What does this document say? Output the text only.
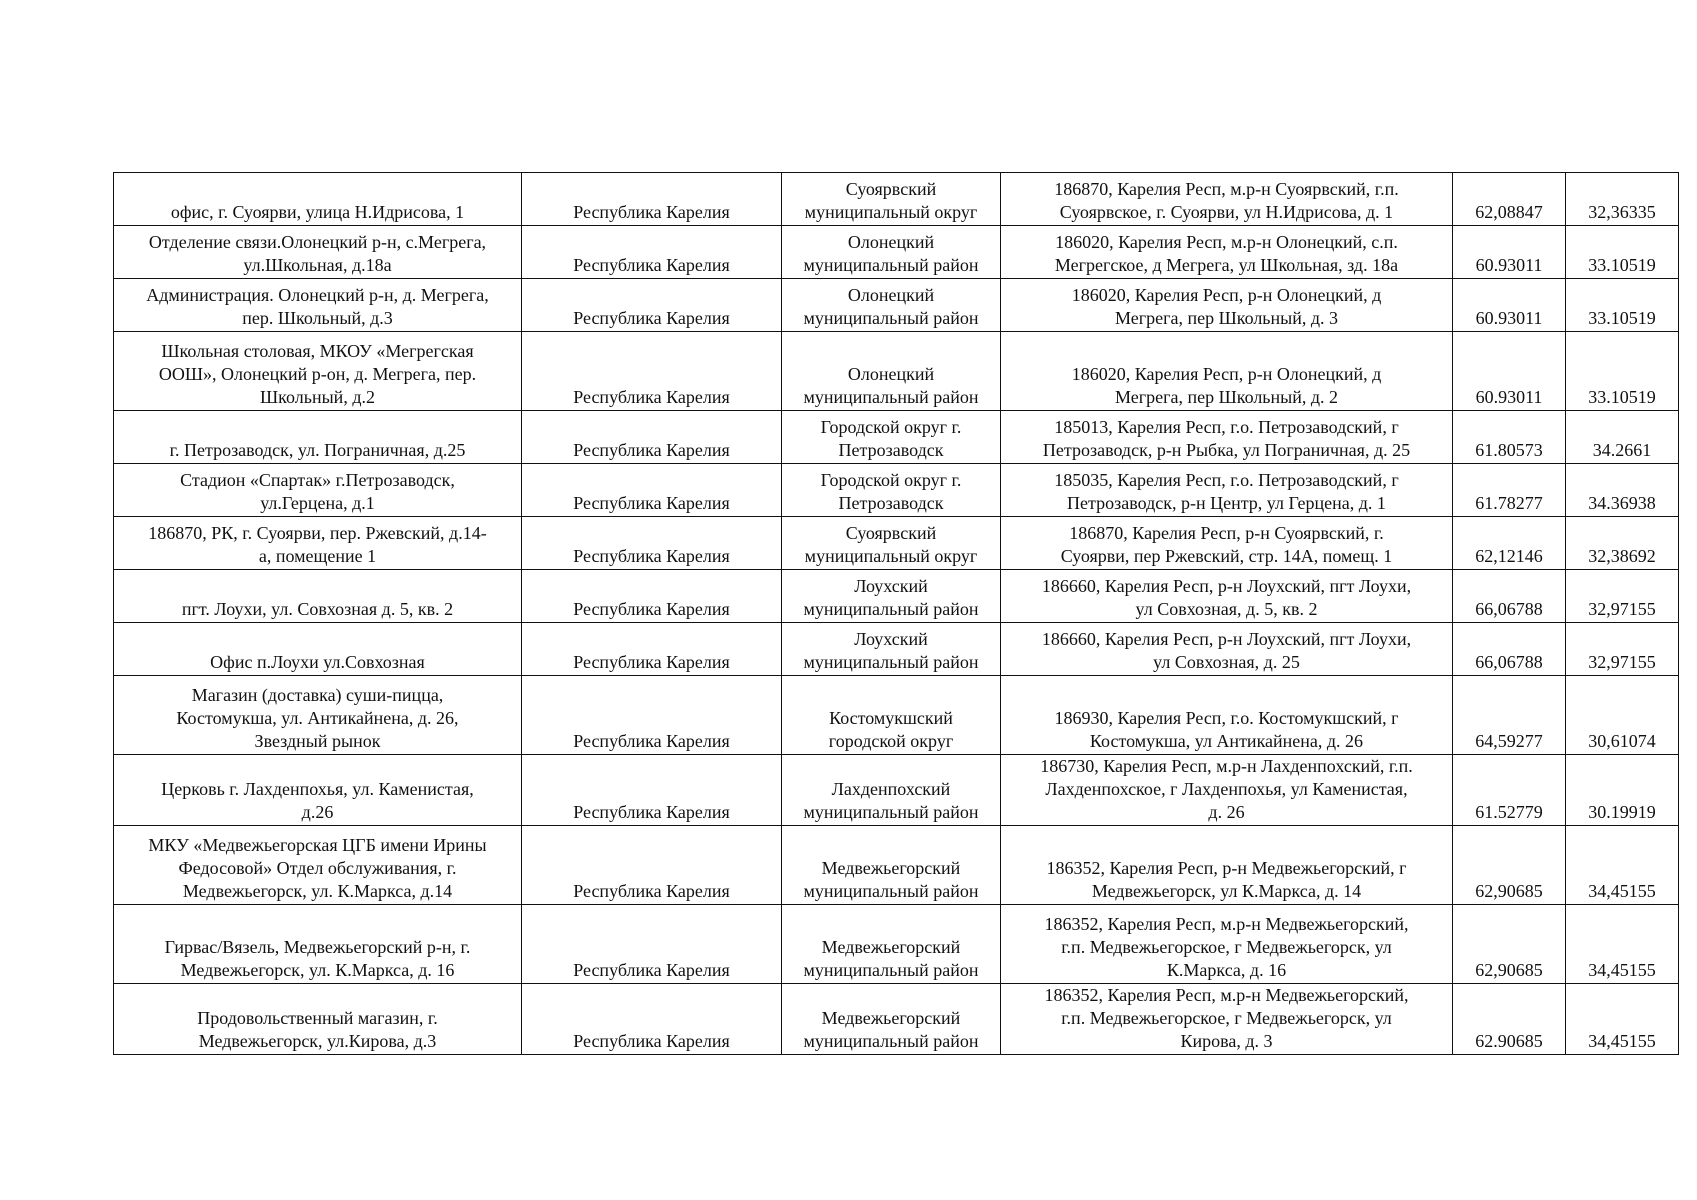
офис, г. Суоярви, улица Н.Идрисова, 1	Республика Карелия	Суоярвский
муниципальный округ	186870, Карелия Респ, м.р-н Суоярвский, г.п.
Суоярвское, г. Суоярви, ул Н.Идрисова, д. 1	62,08847	32,36335

Отделение связи.Олонецкий р-н, с.Мегрега,
ул.Школьная, д.18а	Республика Карелия	Олонецкий
муниципальный район	186020, Карелия Респ, м.р-н Олонецкий, с.п.
Мегрегское, д Мегрега, ул Школьная, зд. 18а	60.93011	33.10519

Администрация. Олонецкий р-н, д. Мегрега,
пер. Школьный, д.3	Республика Карелия	Олонецкий
муниципальный район	186020, Карелия Респ, р-н Олонецкий, д
Мегрега, пер Школьный, д. 3	60.93011	33.10519

Школьная столовая, МКОУ «Мегрегская
ООШ», Олонецкий р-он, д. Мегрега, пер.
Школьный, д.2	Республика Карелия	Олонецкий
муниципальный район	186020, Карелия Респ, р-н Олонецкий, д
Мегрега, пер Школьный, д. 2	60.93011	33.10519

г. Петрозаводск, ул. Пограничная, д.25	Республика Карелия	Городской округ г.
Петрозаводск	185013, Карелия Респ, г.о. Петрозаводский, г
Петрозаводск, р-н Рыбка, ул Пограничная, д. 25	61.80573	34.2661

Стадион «Спартак» г.Петрозаводск,
ул.Герцена, д.1	Республика Карелия	Городской округ г.
Петрозаводск	185035, Карелия Респ, г.о. Петрозаводский, г
Петрозаводск, р-н Центр, ул Герцена, д. 1	61.78277	34.36938

186870, РК, г. Суоярви, пер. Ржевский, д.14-
а, помещение 1	Республика Карелия	Суоярвский
муниципальный округ	186870, Карелия Респ, р-н Суоярвский, г.
Суоярви, пер Ржевский, стр. 14А, помещ. 1	62,12146	32,38692

пгт. Лоухи, ул. Совхозная д. 5, кв. 2	Республика Карелия	Лоухский
муниципальный район	186660, Карелия Респ, р-н Лоухский, пгт Лоухи,
ул Совхозная, д. 5, кв. 2	66,06788	32,97155

Офис п.Лоухи ул.Совхозная	Республика Карелия	Лоухский
муниципальный район	186660, Карелия Респ, р-н Лоухский, пгт Лоухи,
ул Совхозная, д. 25	66,06788	32,97155

Магазин (доставка) суши-пицца,
Костомукша, ул. Антикайнена, д. 26,
Звездный рынок	Республика Карелия	Костомукшский
городской округ	186930, Карелия Респ, г.о. Костомукшский, г
Костомукша, ул Антикайнена, д. 26	64,59277	30,61074

Церковь г. Лахденпохья, ул. Каменистая,
д.26	Республика Карелия	Лахденпохский
муниципальный район	186730, Карелия Респ, м.р-н Лахденпохский, г.п.
Лахденпохское, г Лахденпохья, ул Каменистая,
д. 26	61.52779	30.19919

МКУ «Медвежьегорская ЦГБ имени Ирины
Федосовой» Отдел обслуживания, г.
Медвежьегорск, ул. К.Маркса, д.14	Республика Карелия	Медвежьегорский
муниципальный район	186352, Карелия Респ, р-н Медвежьегорский, г
Медвежьегорск, ул К.Маркса, д. 14	62,90685	34,45155

Гирвас/Вязель, Медвежьегорский р-н, г.
Медвежьегорск, ул. К.Маркса, д. 16	Республика Карелия	Медвежьегорский
муниципальный район	186352, Карелия Респ, м.р-н Медвежьегорский,
г.п. Медвежьегорское, г Медвежьегорск, ул
К.Маркса, д. 16	62,90685	34,45155

Продовольственный магазин, г.
Медвежьегорск, ул.Кирова, д.3	Республика Карелия	Медвежьегорский
муниципальный район	186352, Карелия Респ, м.р-н Медвежьегорский,
г.п. Медвежьегорское, г Медвежьегорск, ул
Кирова, д. 3	62.90685	34,45155
